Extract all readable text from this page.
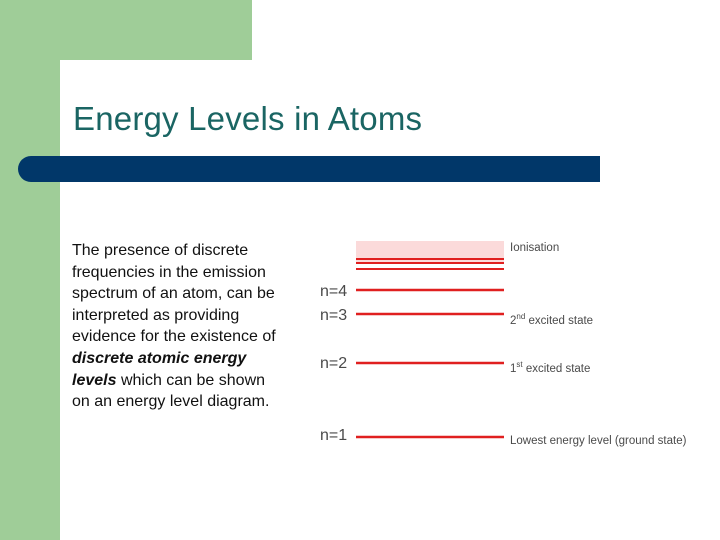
Energy Levels in Atoms

The presence of discrete frequencies in the emission spectrum of an atom, can be interpreted as providing evidence for the existence of discrete atomic energy levels which can be shown on an energy level diagram.

Ionisation
n=4
n=3	2nd excited state
n=2	1st excited state
n=1	Lowest energy level (ground state)
